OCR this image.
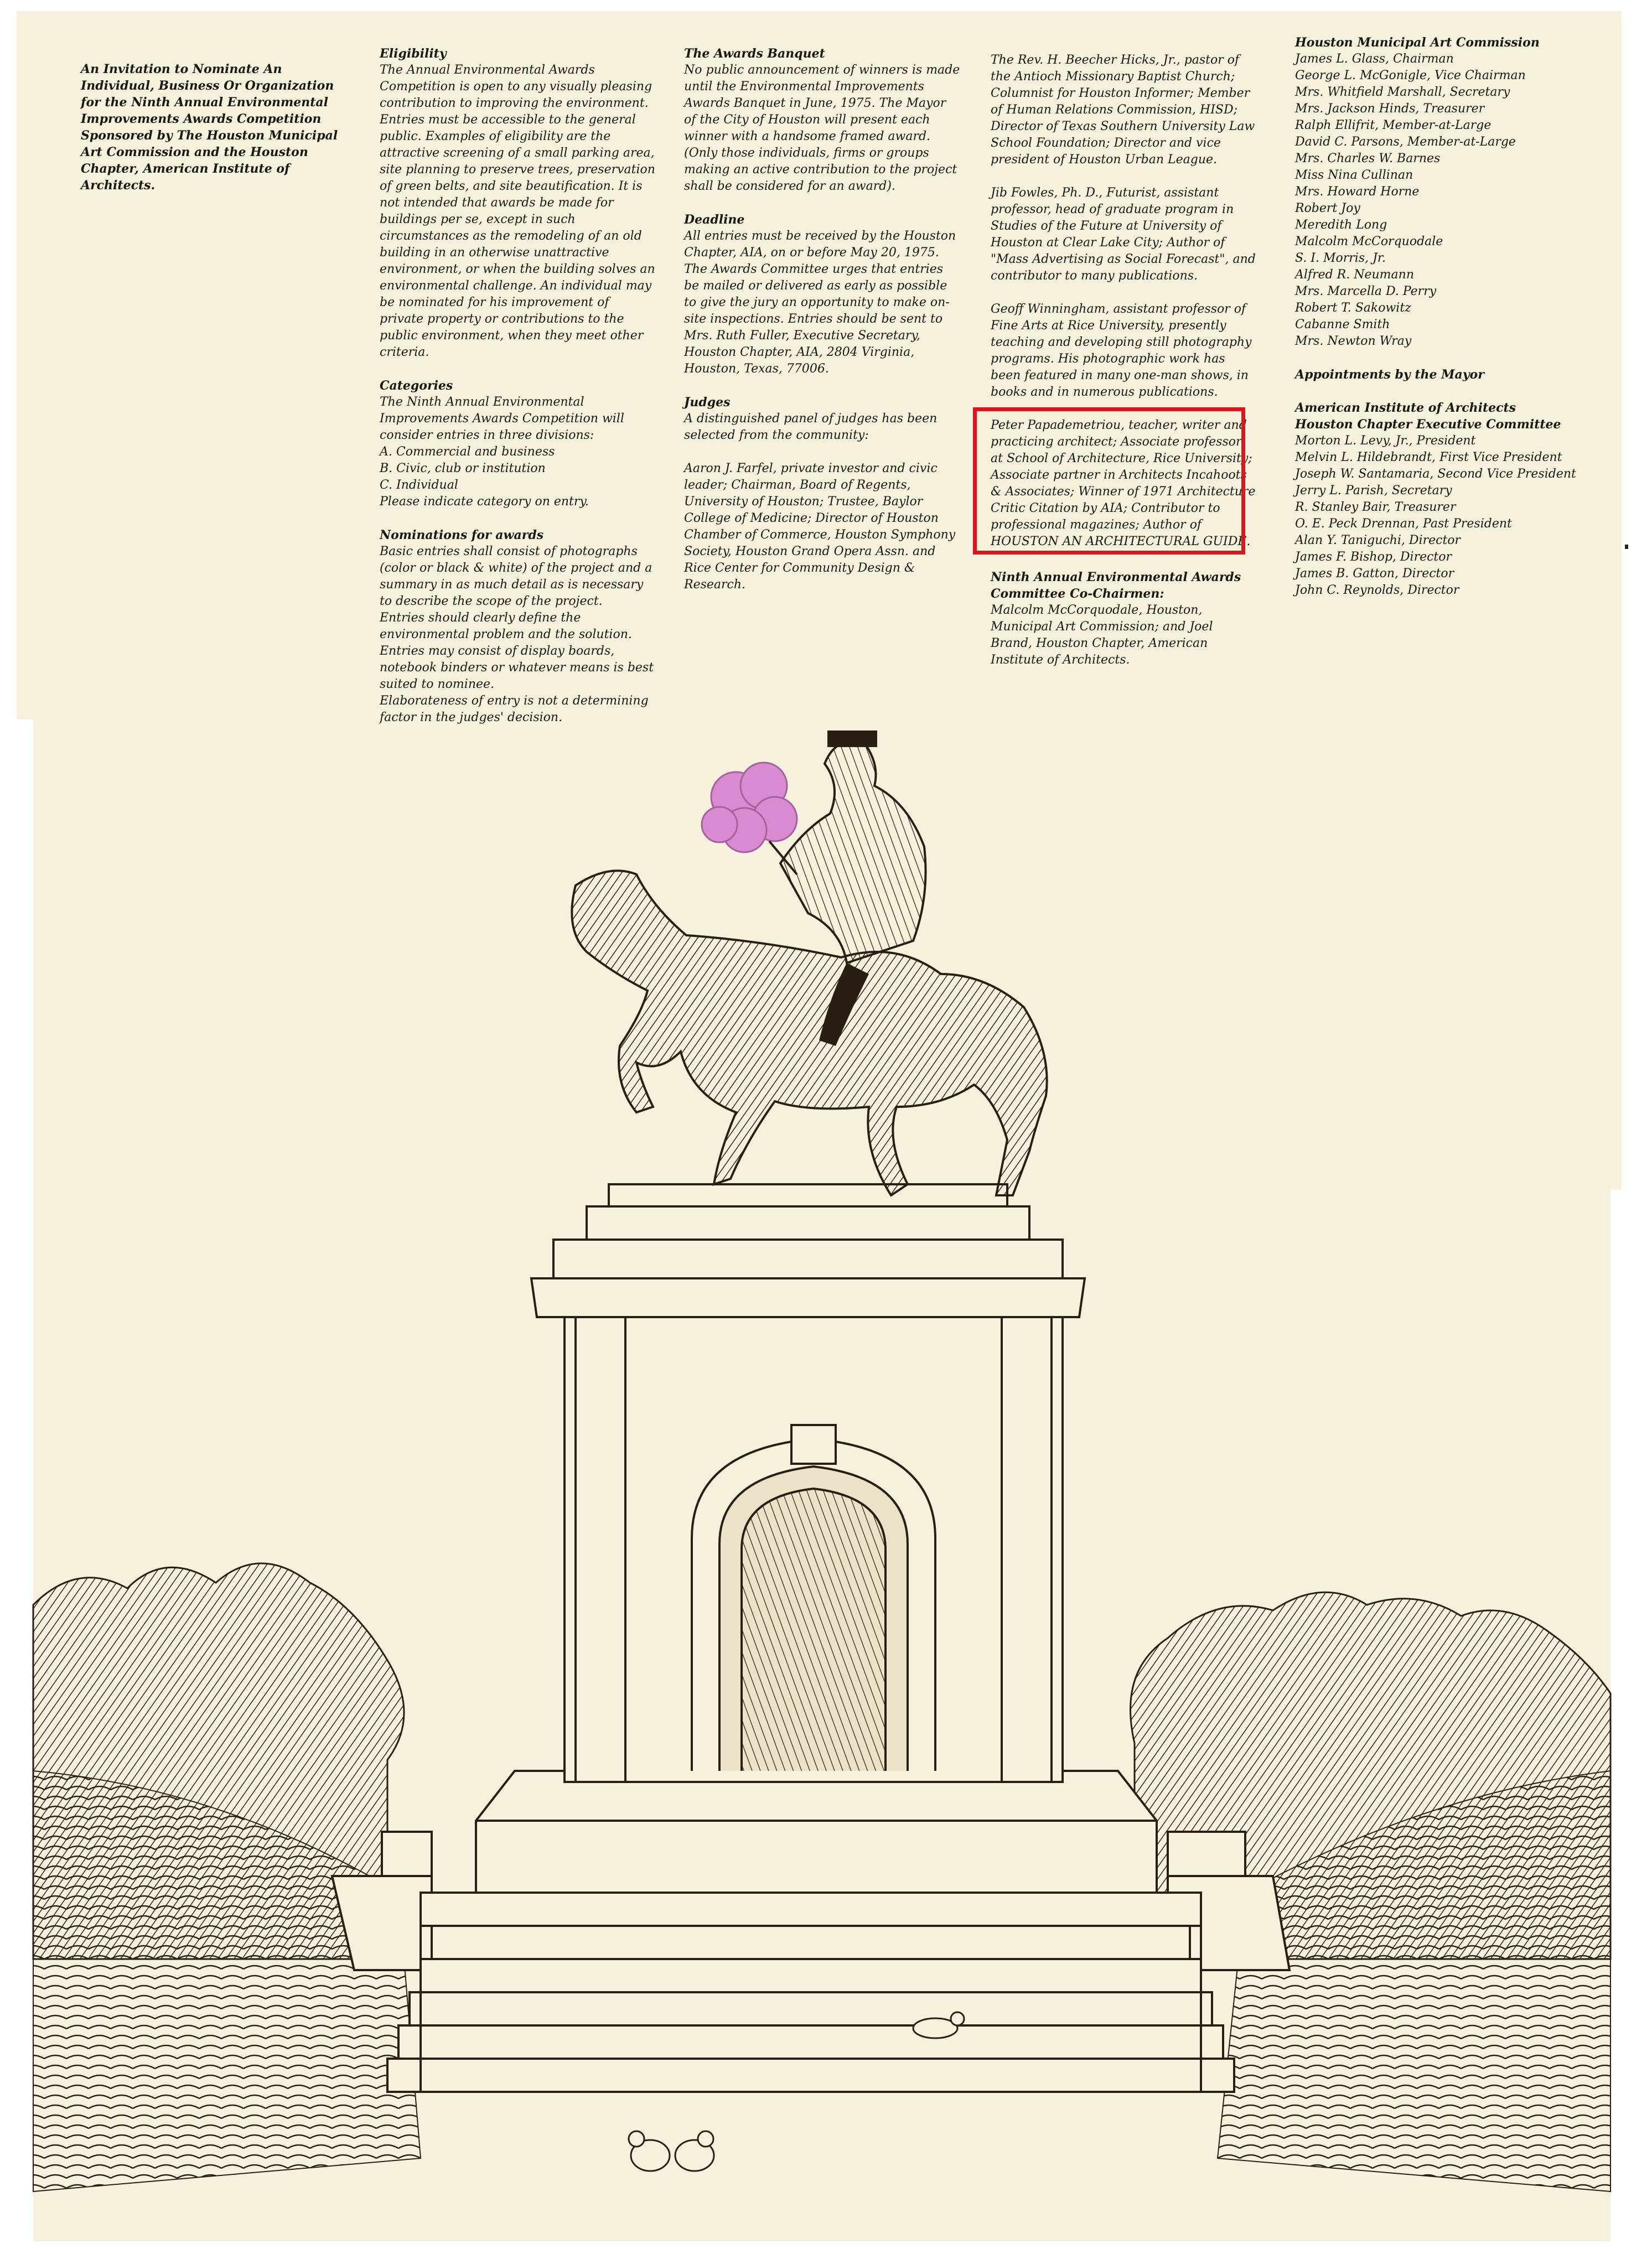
An Invitation to Nominate An Individual, Business Or Organization for the Ninth Annual Environmental Improvements Awards Competition Sponsored by The Houston Municipal Art Commission and the Houston Chapter, American Institute of Architects.

Eligibility
The Annual Environmental Awards Competition is open to any visually pleasing contribution to improving the environment. Entries must be accessible to the general public. Examples of eligibility are the attractive screening of a small parking area, site planning to preserve trees, preservation of green belts, and site beautification. It is not intended that awards be made for buildings per se, except in such circumstances as the remodeling of an old building in an otherwise unattractive environment, or when the building solves an environmental challenge. An individual may be nominated for his improvement of private property or contributions to the public environment, when they meet other criteria.

Categories
The Ninth Annual Environmental Improvements Awards Competition will consider entries in three divisions:
A. Commercial and business
B. Civic, club or institution
C. Individual
Please indicate category on entry.

Nominations for awards
Basic entries shall consist of photographs (color or black & white) of the project and a summary in as much detail as is necessary to describe the scope of the project.
Entries should clearly define the environmental problem and the solution.
Entries may consist of display boards, notebook binders or whatever means is best suited to nominee.
Elaborateness of entry is not a determining factor in the judges' decision.

The Awards Banquet
No public announcement of winners is made until the Environmental Improvements Awards Banquet in June, 1975. The Mayor of the City of Houston will present each winner with a handsome framed award. (Only those individuals, firms or groups making an active contribution to the project shall be considered for an award).

Deadline
All entries must be received by the Houston Chapter, AIA, on or before May 20, 1975. The Awards Committee urges that entries be mailed or delivered as early as possible to give the jury an opportunity to make on-site inspections. Entries should be sent to Mrs. Ruth Fuller, Executive Secretary, Houston Chapter, AIA, 2804 Virginia, Houston, Texas, 77006.

Judges
A distinguished panel of judges has been selected from the community:

Aaron J. Farfel, private investor and civic leader; Chairman, Board of Regents, University of Houston; Trustee, Baylor College of Medicine; Director of Houston Chamber of Commerce, Houston Symphony Society, Houston Grand Opera Assn. and Rice Center for Community Design & Research.

The Rev. H. Beecher Hicks, Jr., pastor of the Antioch Missionary Baptist Church; Columnist for Houston Informer; Member of Human Relations Commission, HISD; Director of Texas Southern University Law School Foundation; Director and vice president of Houston Urban League.

Jib Fowles, Ph. D., Futurist, assistant professor, head of graduate program in Studies of the Future at University of Houston at Clear Lake City; Author of "Mass Advertising as Social Forecast", and contributor to many publications.

Geoff Winningham, assistant professor of Fine Arts at Rice University, presently teaching and developing still photography programs. His photographic work has been featured in many one-man shows, in books and in numerous publications.

Peter Papademetriou, teacher, writer and practicing architect; Associate professor at School of Architecture, Rice University; Associate partner in Architects Incahoots & Associates; Winner of 1971 Architecture Critic Citation by AIA; Contributor to professional magazines; Author of HOUSTON AN ARCHITECTURAL GUIDE.

Ninth Annual Environmental Awards Committee Co-Chairmen:
Malcolm McCorquodale, Houston, Municipal Art Commission; and Joel Brand, Houston Chapter, American Institute of Architects.

Houston Municipal Art Commission
James L. Glass, Chairman
George L. McGonigle, Vice Chairman
Mrs. Whitfield Marshall, Secretary
Mrs. Jackson Hinds, Treasurer
Ralph Ellifrit, Member-at-Large
David C. Parsons, Member-at-Large
Mrs. Charles W. Barnes
Miss Nina Cullinan
Mrs. Howard Horne
Robert Joy
Meredith Long
Malcolm McCorquodale
S. I. Morris, Jr.
Alfred R. Neumann
Mrs. Marcella D. Perry
Robert T. Sakowitz
Cabanne Smith
Mrs. Newton Wray
Appointments by the Mayor
American Institute of Architects
Houston Chapter Executive Committee
Morton L. Levy, Jr., President
Melvin L. Hildebrandt, First Vice President
Joseph W. Santamaria, Second Vice President
Jerry L. Parish, Secretary
R. Stanley Bair, Treasurer
O. E. Peck Drennan, Past President
Alan Y. Taniguchi, Director
James F. Bishop, Director
James B. Gatton, Director
John C. Reynolds, Director
